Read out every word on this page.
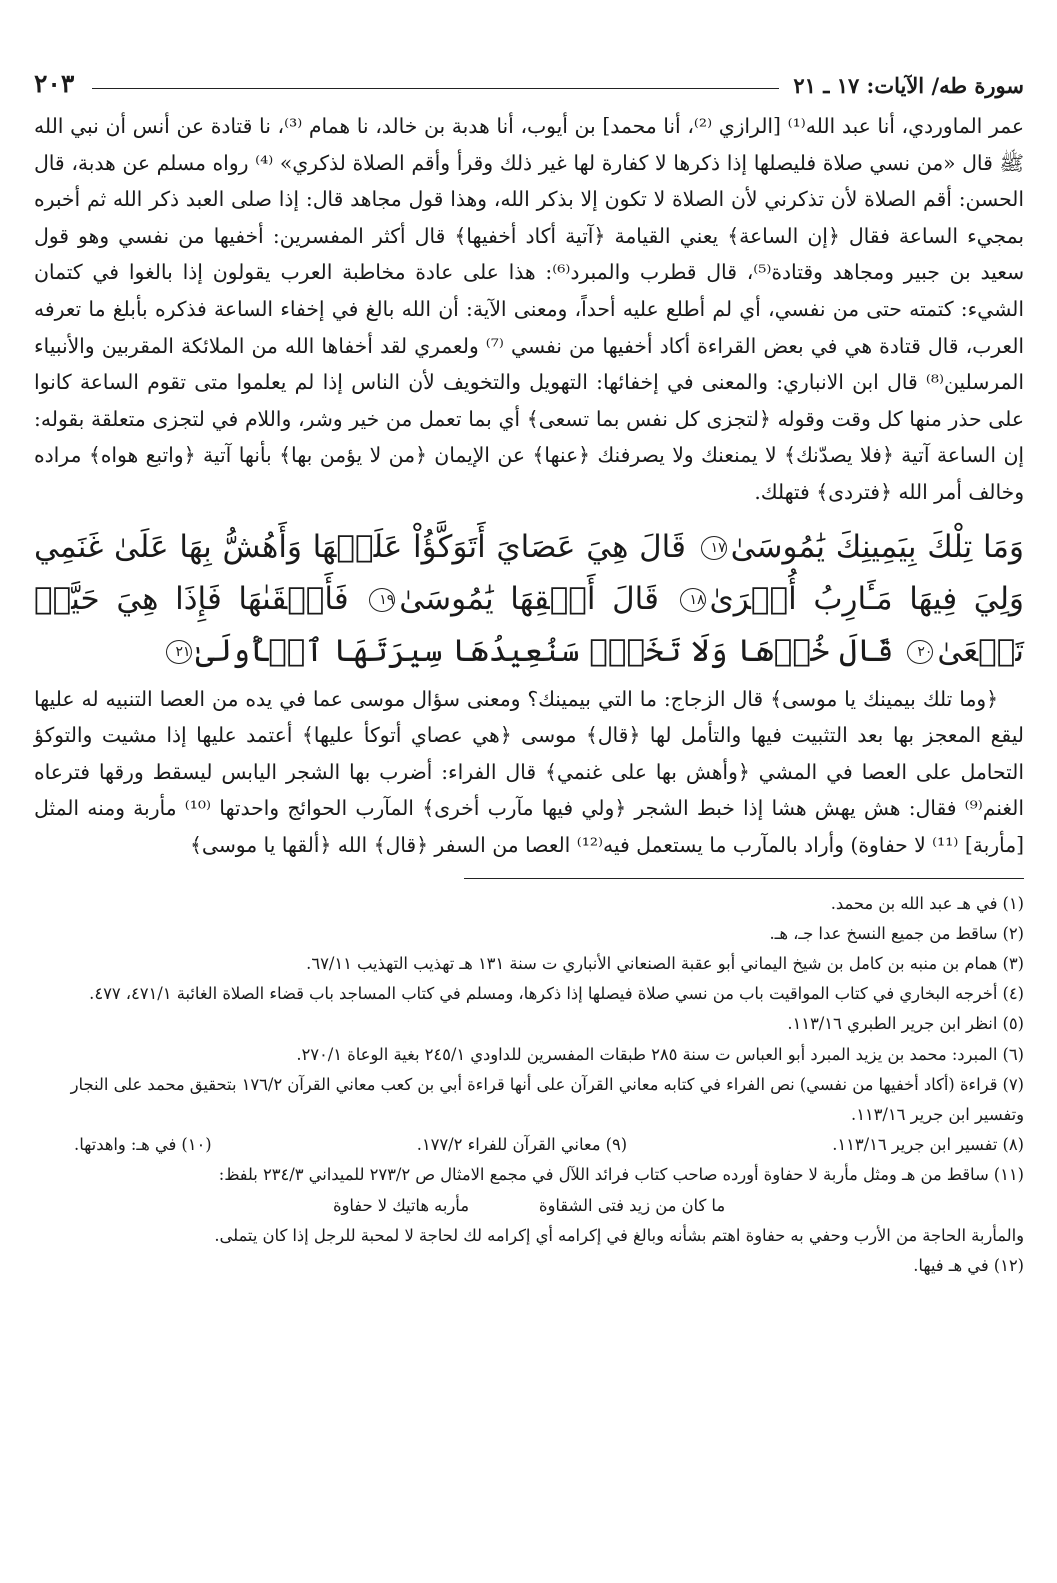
سورة طه/ الآيات: ١٧ ـ ٢١
٢٠٣

عمر الماوردي، أنا عبد الله⁽¹⁾ [الرازي ⁽²⁾، أنا محمد] بن أيوب، أنا هدبة بن خالد، نا همام ⁽³⁾، نا قتادة عن أنس أن نبي الله ﷺ قال «من نسي صلاة فليصلها إذا ذكرها لا كفارة لها غير ذلك وقرأ وأقم الصلاة لذكري» ⁽⁴⁾ رواه مسلم عن هدبة، قال الحسن: أقم الصلاة لأن تذكرني لأن الصلاة لا تكون إلا بذكر الله، وهذا قول مجاهد قال: إذا صلى العبد ذكر الله ثم أخبره بمجيء الساعة فقال ﴿إن الساعة﴾ يعني القيامة ﴿آتية أكاد أخفيها﴾ قال أكثر المفسرين: أخفيها من نفسي وهو قول سعيد بن جبير ومجاهد وقتادة⁽⁵⁾، قال قطرب والمبرد⁽⁶⁾: هذا على عادة مخاطبة العرب يقولون إذا بالغوا في كتمان الشيء: كتمته حتى من نفسي، أي لم أطلع عليه أحداً، ومعنى الآية: أن الله بالغ في إخفاء الساعة فذكره بأبلغ ما تعرفه العرب، قال قتادة هي في بعض القراءة أكاد أخفيها من نفسي ⁽⁷⁾ ولعمري لقد أخفاها الله من الملائكة المقربين والأنبياء المرسلين⁽⁸⁾ قال ابن الانباري: والمعنى في إخفائها: التهويل والتخويف لأن الناس إذا لم يعلموا متى تقوم الساعة كانوا على حذر منها كل وقت وقوله ﴿لتجزى كل نفس بما تسعى﴾ أي بما تعمل من خير وشر، واللام في لتجزى متعلقة بقوله: إن الساعة آتية ﴿فلا يصدّنك﴾ لا يمنعنك ولا يصرفنك ﴿عنها﴾ عن الإيمان ﴿من لا يؤمن بها﴾ بأنها آتية ﴿واتبع هواه﴾ مراده وخالف أمر الله ﴿فتردى﴾ فتهلك.

وَمَا تِلْكَ بِيَمِينِكَ يَٰمُوسَىٰ١٧ قَالَ هِيَ عَصَايَ أَتَوَكَّؤُاْ عَلَيۡهَا وَأَهُشُّ بِهَا عَلَىٰ غَنَمِي وَلِيَ فِيهَا مَـَٔارِبُ أُخۡرَىٰ١٨ قَالَ أَلۡقِهَا يَٰمُوسَىٰ١٩ فَأَلۡقَىٰهَا فَإِذَا هِيَ حَيَّةٞ تَسۡعَىٰ٢٠ قَالَ خُذۡهَا وَلَا تَخَفۡۖ سَنُعِيدُهَا سِيرَتَهَا ٱلۡأُولَىٰ٢١

﴿وما تلك بيمينك يا موسى﴾ قال الزجاج: ما التي بيمينك؟ ومعنى سؤال موسى عما في يده من العصا التنبيه له عليها ليقع المعجز بها بعد التثبيت فيها والتأمل لها ﴿قال﴾ موسى ﴿هي عصاي أتوكأ عليها﴾ أعتمد عليها إذا مشيت والتوكؤ التحامل على العصا في المشي ﴿وأهش بها على غنمي﴾ قال الفراء: أضرب بها الشجر اليابس ليسقط ورقها فترعاه الغنم⁽⁹⁾ فقال: هش يهش هشا إذا خبط الشجر ﴿ولي فيها مآرب أخرى﴾ المآرب الحوائج واحدتها ⁽¹⁰⁾ مأربة ومنه المثل [مأربة] ⁽¹¹⁾ لا حفاوة) وأراد بالمآرب ما يستعمل فيه⁽¹²⁾ العصا من السفر ﴿قال﴾ الله ﴿ألقها يا موسى﴾

(١) في هـ عبد الله بن محمد.

(٢) ساقط من جميع النسخ عدا جـ، هـ.

(٣) همام بن منبه بن كامل بن شيخ اليماني أبو عقبة الصنعاني الأنباري ت سنة ١٣١ هـ تهذيب التهذيب ٦٧/١١.

(٤) أخرجه البخاري في كتاب المواقيت باب من نسي صلاة فيصلها إذا ذكرها، ومسلم في كتاب المساجد باب قضاء الصلاة الغائبة ٤٧١/١، ٤٧٧.

(٥) انظر ابن جرير الطبري ١١٣/١٦.

(٦) المبرد: محمد بن يزيد المبرد أبو العباس ت سنة ٢٨٥ طبقات المفسرين للداودي ٢٤٥/١ بغية الوعاة ٢٧٠/١.

(٧) قراءة (أكاد أخفيها من نفسي) نص الفراء في كتابه معاني القرآن على أنها قراءة أبي بن كعب معاني القرآن ١٧٦/٢ بتحقيق محمد على النجار وتفسير ابن جرير ١١٣/١٦.

(٨) تفسير ابن جرير ١١٣/١٦.
(٩) معاني القرآن للفراء ١٧٧/٢.
(١٠) في هـ: واهدتها.

(١١) ساقط من هـ ومثل مأربة لا حفاوة أورده صاحب كتاب فرائد اللآل في مجمع الامثال ص ٢٧٣/٢ للميداني ٢٣٤/٣ بلفظ:

ما كان من زيد فتى الشقاوة
مأربه هاتيك لا حفاوة

والمأربة الحاجة من الأرب وحفي به حفاوة اهتم بشأنه وبالغ في إكرامه أي إكرامه لك لحاجة لا لمحبة للرجل إذا كان يتملى.

(١٢) في هـ فيها.
